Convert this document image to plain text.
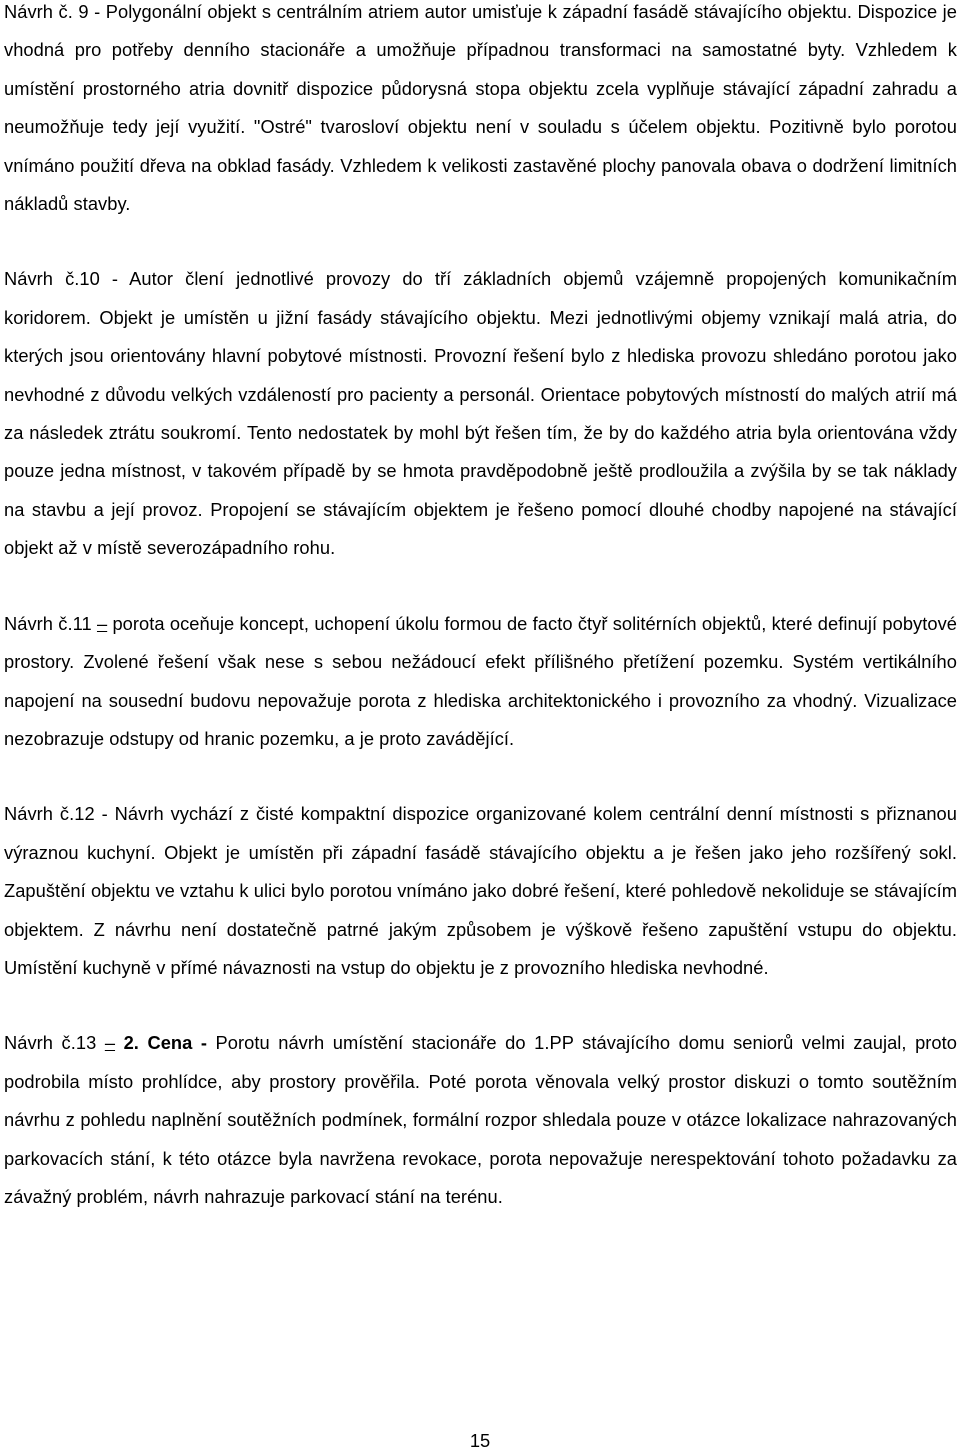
Návrh č. 9 - Polygonální objekt s centrálním atriem autor umisťuje k západní fasádě stávajícího objektu. Dispozice je vhodná pro potřeby denního stacionáře a umožňuje případnou transformaci na samostatné byty. Vzhledem k umístění prostorného atria dovnitř dispozice půdorysná stopa objektu zcela vyplňuje stávající západní zahradu a neumožňuje tedy její využití. "Ostré" tvarosloví objektu není v souladu s účelem objektu. Pozitivně bylo porotou vnímáno použití dřeva na obklad fasády. Vzhledem k velikosti zastavěné plochy panovala obava o dodržení limitních nákladů stavby.

Návrh č.10 - Autor člení jednotlivé provozy do tří základních objemů vzájemně propojených komunikačním koridorem. Objekt je umístěn u jižní fasády stávajícího objektu. Mezi jednotlivými objemy vznikají malá atria, do kterých jsou orientovány hlavní pobytové místnosti. Provozní řešení bylo z hlediska provozu shledáno porotou jako nevhodné z důvodu velkých vzdáleností pro pacienty a personál. Orientace pobytových místností do malých atrií má za následek ztrátu soukromí. Tento nedostatek by mohl být řešen tím, že by do každého atria byla orientována vždy pouze jedna místnost, v takovém případě by se hmota pravděpodobně ještě prodloužila a zvýšila by se tak náklady na stavbu a její provoz. Propojení se stávajícím objektem je řešeno pomocí dlouhé chodby napojené na stávající objekt až v místě severozápadního rohu.

Návrh č.11 – porota oceňuje koncept, uchopení úkolu formou de facto čtyř solitérních objektů, které definují pobytové prostory. Zvolené řešení však nese s sebou nežádoucí efekt přílišného přetížení pozemku. Systém vertikálního napojení na sousední budovu nepovažuje porota z hlediska architektonického i provozního za vhodný. Vizualizace nezobrazuje odstupy od hranic pozemku, a je proto zavádějící.

Návrh č.12 - Návrh vychází z čisté kompaktní dispozice organizované kolem centrální denní místnosti s přiznanou výraznou kuchyní. Objekt je umístěn při západní fasádě stávajícího objektu a je řešen jako jeho rozšířený sokl. Zapuštění objektu ve vztahu k ulici bylo porotou vnímáno jako dobré řešení, které pohledově nekoliduje se stávajícím objektem. Z návrhu není dostatečně patrné jakým způsobem je výškově řešeno zapuštění vstupu do objektu. Umístění kuchyně v přímé návaznosti na vstup do objektu je z provozního hlediska nevhodné.

Návrh č.13 – 2. Cena - Porotu návrh umístění stacionáře do 1.PP stávajícího domu seniorů velmi zaujal, proto podrobila místo prohlídce, aby prostory prověřila. Poté porota věnovala velký prostor diskuzi o tomto soutěžním návrhu z pohledu naplnění soutěžních podmínek, formální rozpor shledala pouze v otázce lokalizace nahrazovaných parkovacích stání, k této otázce byla navržena revokace, porota nepovažuje nerespektování tohoto požadavku za závažný problém, návrh nahrazuje parkovací stání na terénu.

15
